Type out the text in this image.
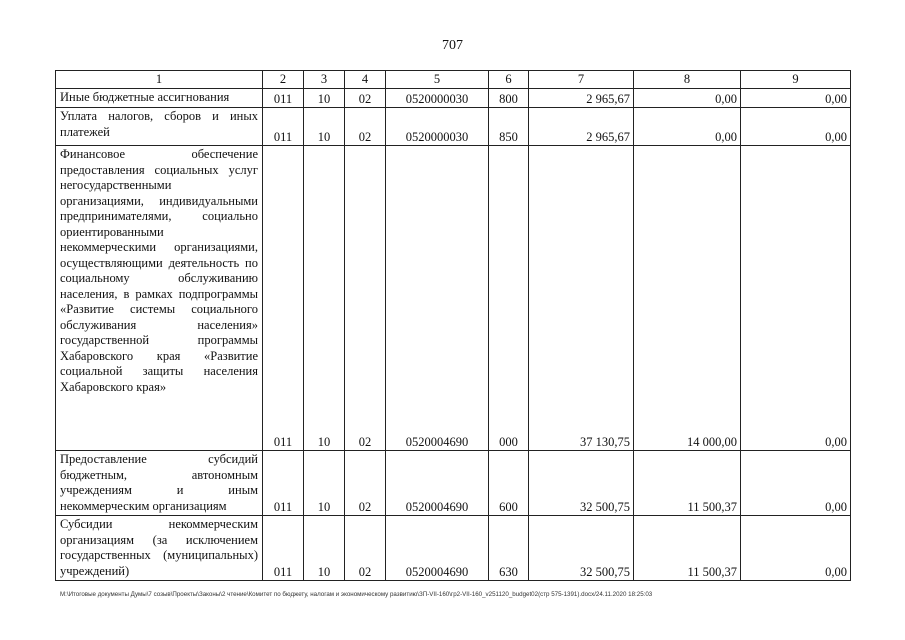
707
1	2	3	4	5	6	7	8	9
Иные бюджетные ассигнования	011	10	02	0520000030	800	2 965,67	0,00	0,00
Уплата налогов, сборов и иных платежей	011	10	02	0520000030	850	2 965,67	0,00	0,00
Финансовое обеспечение предоставления социальных услуг негосударственными организациями, индивидуальными предпринимателями, социально ориентированными некоммерческими организациями, осуществляющими деятельность по социальному обслуживанию населения, в рамках подпрограммы «Развитие системы социального обслуживания населения» государственной программы Хабаровского края «Развитие социальной защиты населения Хабаровского края»	011	10	02	0520004690	000	37 130,75	14 000,00	0,00
Предоставление субсидий бюджетным, автономным учреждениям и иным некоммерческим организациям	011	10	02	0520004690	600	32 500,75	11 500,37	0,00
Субсидии некоммерческим организациям (за исключением государственных (муниципальных) учреждений)	011	10	02	0520004690	630	32 500,75	11 500,37	0,00
M:\Итоговые документы Думы\7 созыв\Проекты\Законы\2 чтение\Комитет по бюджету, налогам и экономическому развитию\ЗП-VII-160\гр2-VII-160_v251120_budget02(стр 575-1391).docx/24.11.2020 18:25:03
